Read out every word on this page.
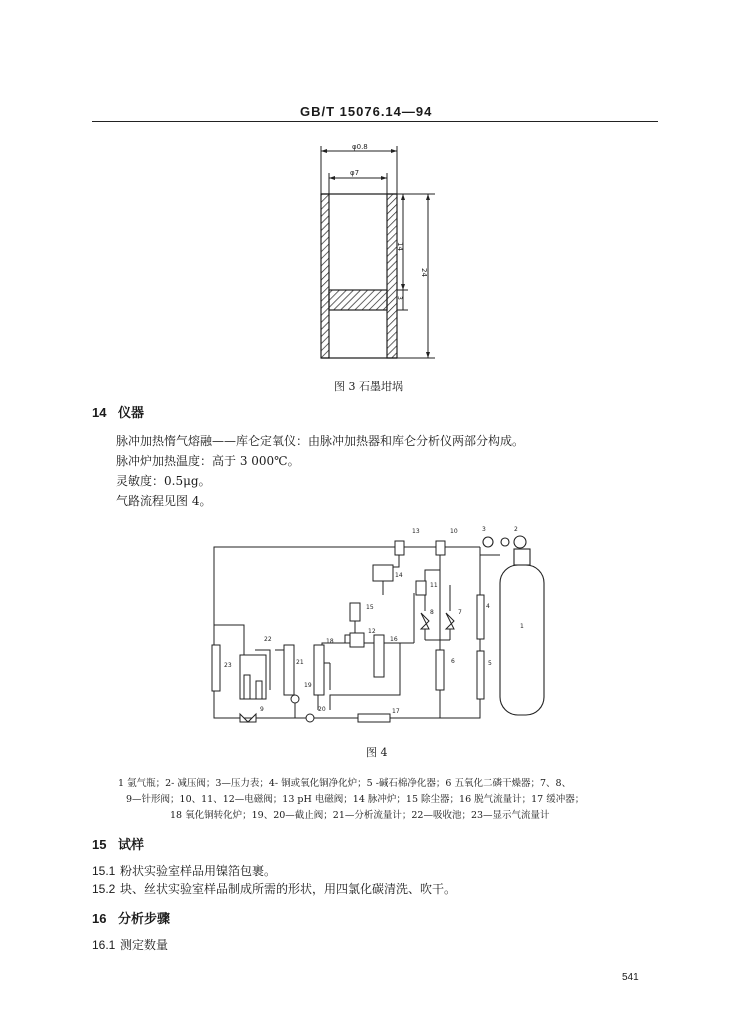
GB/T 15076.14—94
φ0.8
φ7
14
3
24
图 3 石墨坩埚
14 仪器
脉冲加热惰气熔融——库仑定氧仪：由脉冲加热器和库仑分析仪两部分构成。
脉冲炉加热温度：高于 3 000℃。
灵敏度：0.5μg。
气路流程见图 4。
1
2
3
4
5
6
7
8
9
10
11
12
13
14
15
16
17
18
19
20
21
22
23
图 4
1 氩气瓶；2- 减压阀；3—压力表；4- 铜或氧化铜净化炉；5 -碱石棉净化器；6 五氧化二磷干燥器；7、8、
9—针形阀；10、11、12—电磁阀；13 pH 电磁阀；14 脉冲炉；15 除尘器；16 脱气流量计；17 缓冲器；
18 氧化铜转化炉；19、20—截止阀；21—分析流量计；22—吸收池；23—显示气流量计
15 试样
15.1 粉状实验室样品用镍箔包裹。
15.2 块、丝状实验室样品制成所需的形状，用四氯化碳清洗、吹干。
16 分析步骤
16.1 测定数量
541
